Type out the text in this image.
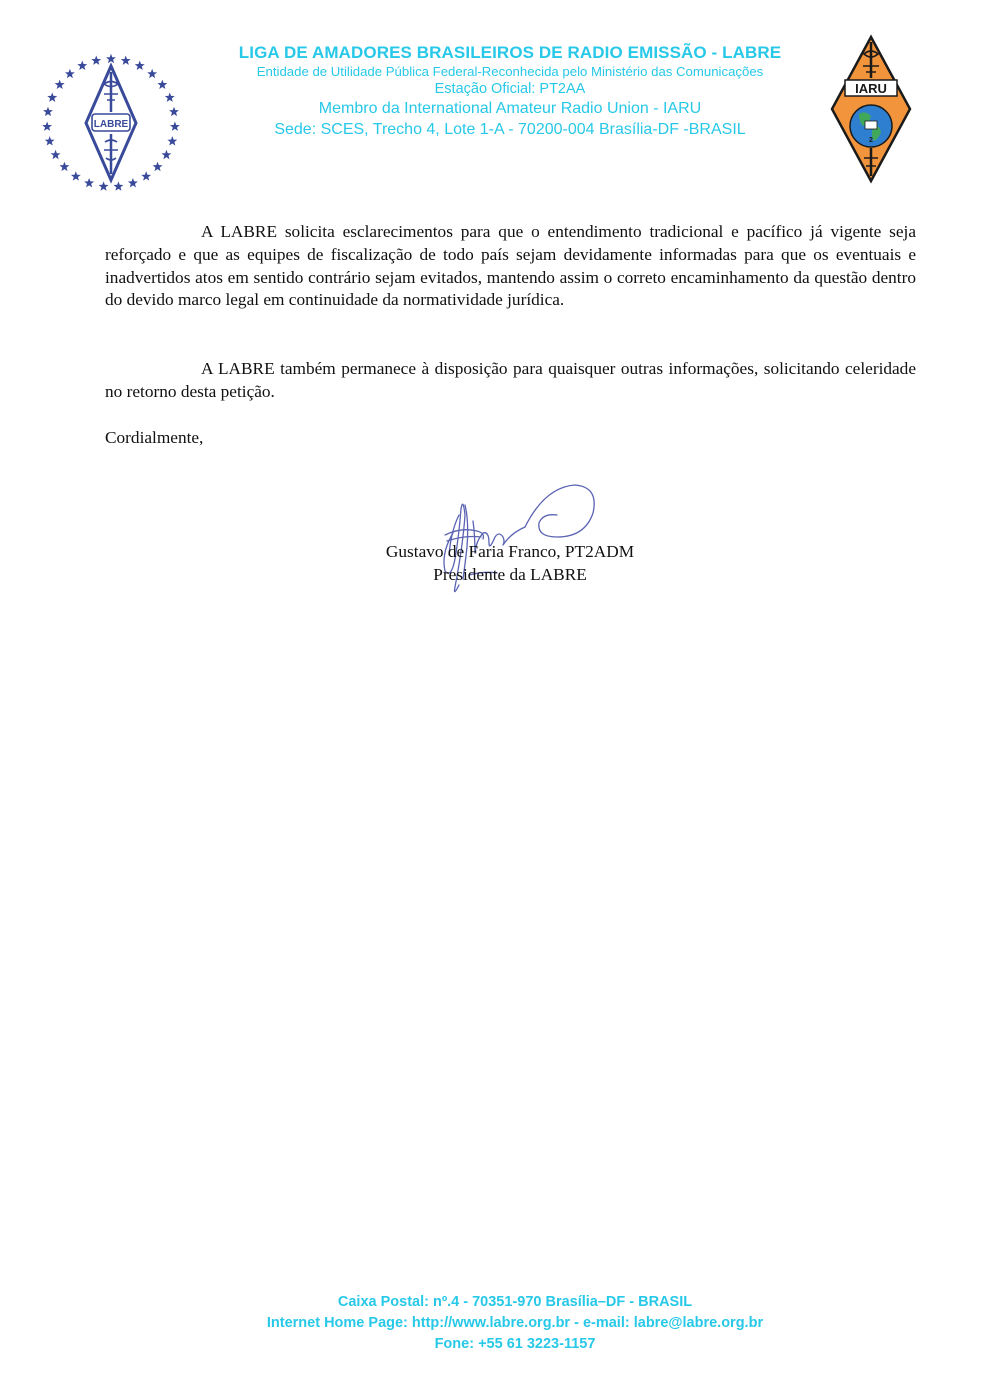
LABRE
LIGA DE AMADORES BRASILEIROS DE RADIO EMISSÃO - LABRE
Entidade de Utilidade Pública Federal-Reconhecida pelo Ministério das Comunicações
Estação Oficial: PT2AA
Membro da International Amateur Radio Union - IARU
Sede: SCES, Trecho 4, Lote 1-A - 70200-004 Brasília-DF -BRASIL
IARU
2

A LABRE solicita esclarecimentos para que o entendimento tradicional e pacífico já vigente seja reforçado e que as equipes de fiscalização de todo país sejam devidamente informadas para que os eventuais e inadvertidos atos em sentido contrário sejam evitados, mantendo assim o correto encaminhamento da questão dentro do devido marco legal em continuidade da normatividade jurídica.

A LABRE também permanece à disposição para quaisquer outras informações, solicitando celeridade no retorno desta petição.

Cordialmente,
Gustavo de Faria Franco, PT2ADM
Presidente da LABRE
Caixa Postal: nº.4 - 70351-970 Brasília–DF - BRASIL
Internet Home Page: http://www.labre.org.br - e-mail: labre@labre.org.br
Fone: +55 61 3223-1157
